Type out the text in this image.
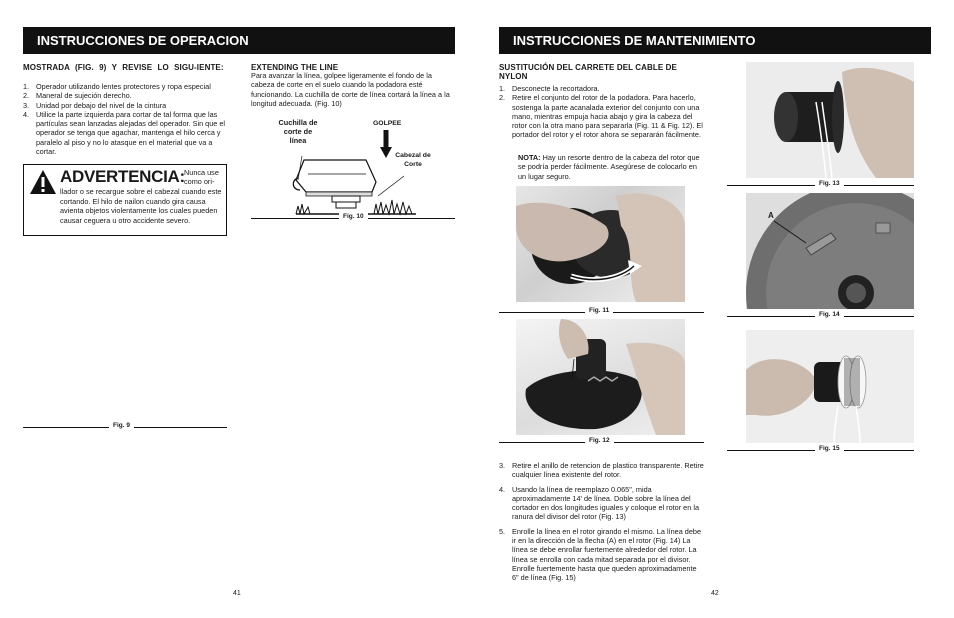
INSTRUCCIONES DE OPERACION
MOSTRADA (FIG. 9) Y REVISE LO SIGU-IENTE:
1. Operador utilizando lentes protectores y ropa especial
2. Maneral de sujeción derecho.
3. Unidad por debajo del nivel de la cintura
4. Utilice la parte izquierda para cortar de tal forma que las partículas sean lanzadas alejadas del operador. Sin que el operador se tenga que agachar, mantenga el hilo cerca y paralelo al piso y no lo atasque en el material que va a cortar.
ADVERTENCIA: Nunca use como ori-
llador o se recargue sobre el cabezal cuando este cortando. El hilo de nailon cuando gira causa avienta objetos violentamente los cuales pueden causar ceguera u otro accidente severo.
Fig. 9
EXTENDING THE LINE
Para avanzar la línea, golpee ligeramente el fondo de la cabeza de corte en el suelo cuando la podadora esté funcionando. La cuchilla de corte de línea cortará la línea a la longitud adecuada. (Fig. 10)
Cuchilla de corte de línea
GOLPEE
Cabezal de Corte
Fig. 10
41
INSTRUCCIONES DE MANTENIMIENTO
SUSTITUCIÓN DEL CARRETE DEL CABLE DE NYLON
1. Desconecte la recortadora.
2. Retire el conjunto del rotor de la podadora. Para hacerlo, sostenga la parte acanalada exterior del conjunto con una mano, mientras empuja hacia abajo y gira la cabeza del rotor con la otra mano para separarla (Fig. 11 & Fig. 12). El portador del rotor y el rotor ahora se separarán fácilmente.
NOTA: Hay un resorte dentro de la cabeza del rotor que se podría perder fácilmente. Asegúrese de colocarlo en un lugar seguro.
Fig. 11
Fig. 12
3. Retire el anillo de retencion de plastico transparente. Retire cualquier línea existente del rotor.
4. Usando la línea de reemplazo 0.065", mida aproximadamente 14' de línea. Doble sobre la línea del cortador en dos longitudes iguales y coloque el rotor en la ranura del divisor del rotor (Fig. 13)
5. Enrolle la línea en el rotor girando el mismo. La línea debe ir en la dirección de la flecha (A) en el rotor (Fig. 14) La línea se debe enrollar fuertemente alrededor del rotor. La línea se enrolla con cada mitad separada por el divisor. Enrolle fuertemente hasta que queden aproximadamente 6" de línea (Fig. 15)
Fig. 13
A
Fig. 14
Fig. 15
42
